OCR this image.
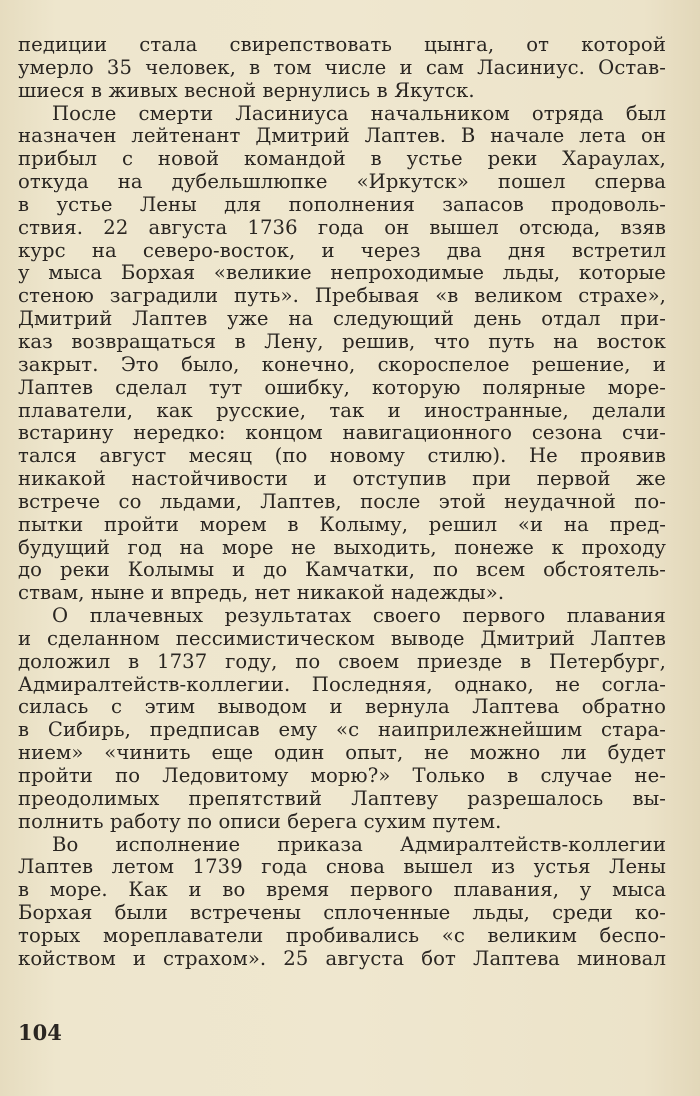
педиции стала свирепствовать цынга, от которой
умерло 35 человек, в том числе и сам Ласиниус. Остав-
шиеся в живых весной вернулись в Якутск.
После смерти Ласиниуса начальником отряда был
назначен лейтенант Дмитрий Лаптев. В начале лета он
прибыл с новой командой в устье реки Хараулах,
откуда на дубельшлюпке «Иркутск» пошел сперва
в устье Лены для пополнения запасов продоволь-
ствия. 22 августа 1736 года он вышел отсюда, взяв
курс на северо-восток, и через два дня встретил
у мыса Борхая «великие непроходимые льды, которые
стеною заградили путь». Пребывая «в великом страхе»,
Дмитрий Лаптев уже на следующий день отдал при-
каз возвращаться в Лену, решив, что путь на восток
закрыт. Это было, конечно, скороспелое решение, и
Лаптев сделал тут ошибку, которую полярные море-
плаватели, как русские, так и иностранные, делали
встарину нередко: концом навигационного сезона счи-
тался август месяц (по новому стилю). Не проявив
никакой настойчивости и отступив при первой же
встрече со льдами, Лаптев, после этой неудачной по-
пытки пройти морем в Колыму, решил «и на пред-
будущий год на море не выходить, понеже к проходу
до реки Колымы и до Камчатки, по всем обстоятель-
ствам, ныне и впредь, нет никакой надежды».
О плачевных результатах своего первого плавания
и сделанном пессимистическом выводе Дмитрий Лаптев
доложил в 1737 году, по своем приезде в Петербург,
Адмиралтейств-коллегии. Последняя, однако, не согла-
силась с этим выводом и вернула Лаптева обратно
в Сибирь, предписав ему «с наиприлежнейшим стара-
нием» «чинить еще один опыт, не можно ли будет
пройти по Ледовитому морю?» Только в случае не-
преодолимых препятствий Лаптеву разрешалось вы-
полнить работу по описи берега сухим путем.
Во исполнение приказа Адмиралтейств-коллегии
Лаптев летом 1739 года снова вышел из устья Лены
в море. Как и во время первого плавания, у мыса
Борхая были встречены сплоченные льды, среди ко-
торых мореплаватели пробивались «с великим беспо-
койством и страхом». 25 августа бот Лаптева миновал
104
